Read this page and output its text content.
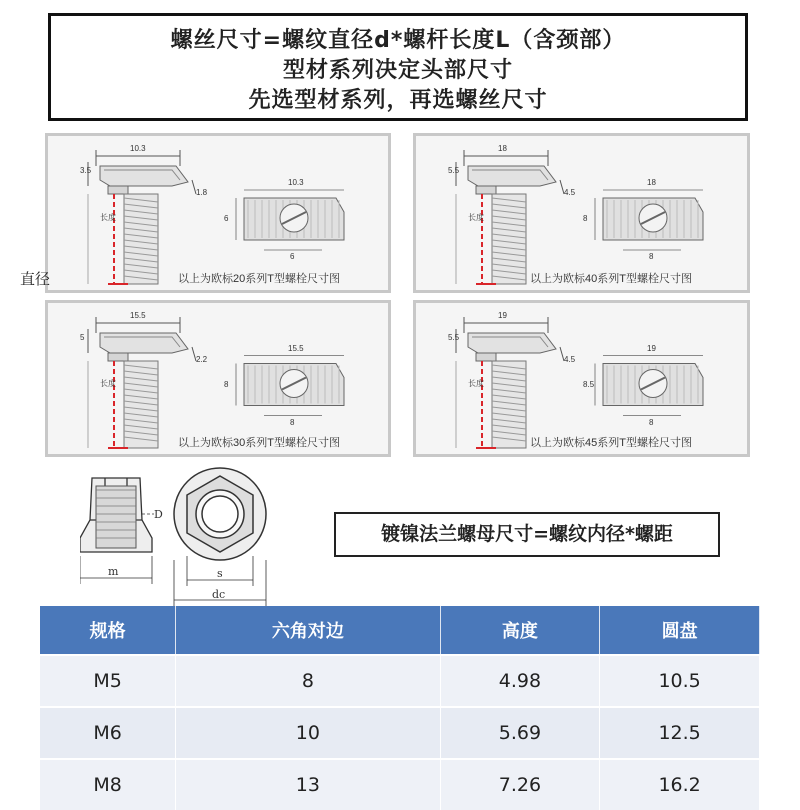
螺丝尺寸=螺纹直径d*螺杆长度L（含颈部）
型材系列决定头部尺寸
先选型材系列，再选螺丝尺寸
10.3
3.5
1.8
10.3
6
6
长度
以上为欧标20系列T型螺栓尺寸图
18
5.5
4.5
18
8
8
长度
以上为欧标40系列T型螺栓尺寸图
15.5
5
2.2
15.5
8
8
长度
以上为欧标30系列T型螺栓尺寸图
19
5.5
4.5
19
8.5
8
长度
以上为欧标45系列T型螺栓尺寸图
直径
D
m	s
dc
镀镍法兰螺母尺寸=螺纹内径*螺距
规格	六角对边	高度	圆盘
M5	8	4.98	10.5
M6	10	5.69	12.5
M8	13	7.26	16.2
